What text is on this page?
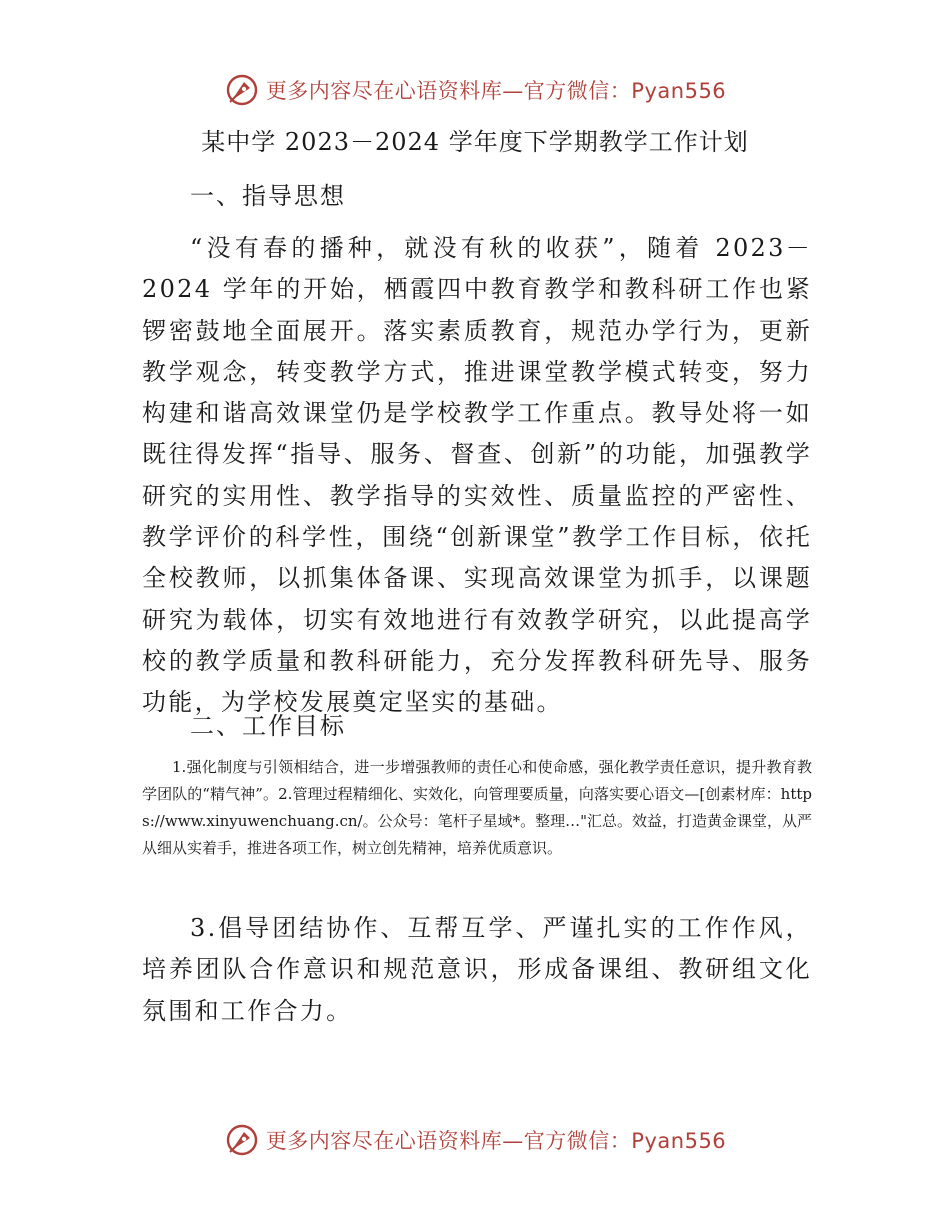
更多内容尽在心语资料库—官方微信：Pyan556
某中学 2023－2024 学年度下学期教学工作计划
一、指导思想

“没有春的播种，就没有秋的收获”，随着 2023－2024 学年的开始，栖霞四中教育教学和教科研工作也紧锣密鼓地全面展开。落实素质教育，规范办学行为，更新教学观念，转变教学方式，推进课堂教学模式转变，努力构建和谐高效课堂仍是学校教学工作重点。教导处将一如既往得发挥“指导、服务、督查、创新”的功能，加强教学研究的实用性、教学指导的实效性、质量监控的严密性、教学评价的科学性，围绕“创新课堂”教学工作目标，依托全校教师，以抓集体备课、实现高效课堂为抓手，以课题研究为载体，切实有效地进行有效教学研究，以此提高学校的教学质量和教科研能力，充分发挥教科研先导、服务功能，为学校发展奠定坚实的基础。

二、工作目标

1.强化制度与引领相结合，进一步增强教师的责任心和使命感，强化教学责任意识，提升教育教学团队的“精气神”。2.管理过程精细化、实效化，向管理要质量，向落实要心语文—[创素材库：https://www.xinyuwenchuang.cn/。公众号：笔杆子星域*。整理…"汇总。效益，打造黄金课堂，从严从细从实着手，推进各项工作，树立创先精神，培养优质意识。

3.倡导团结协作、互帮互学、严谨扎实的工作作风，培养团队合作意识和规范意识，形成备课组、教研组文化氛围和工作合力。

更多内容尽在心语资料库—官方微信：Pyan556
